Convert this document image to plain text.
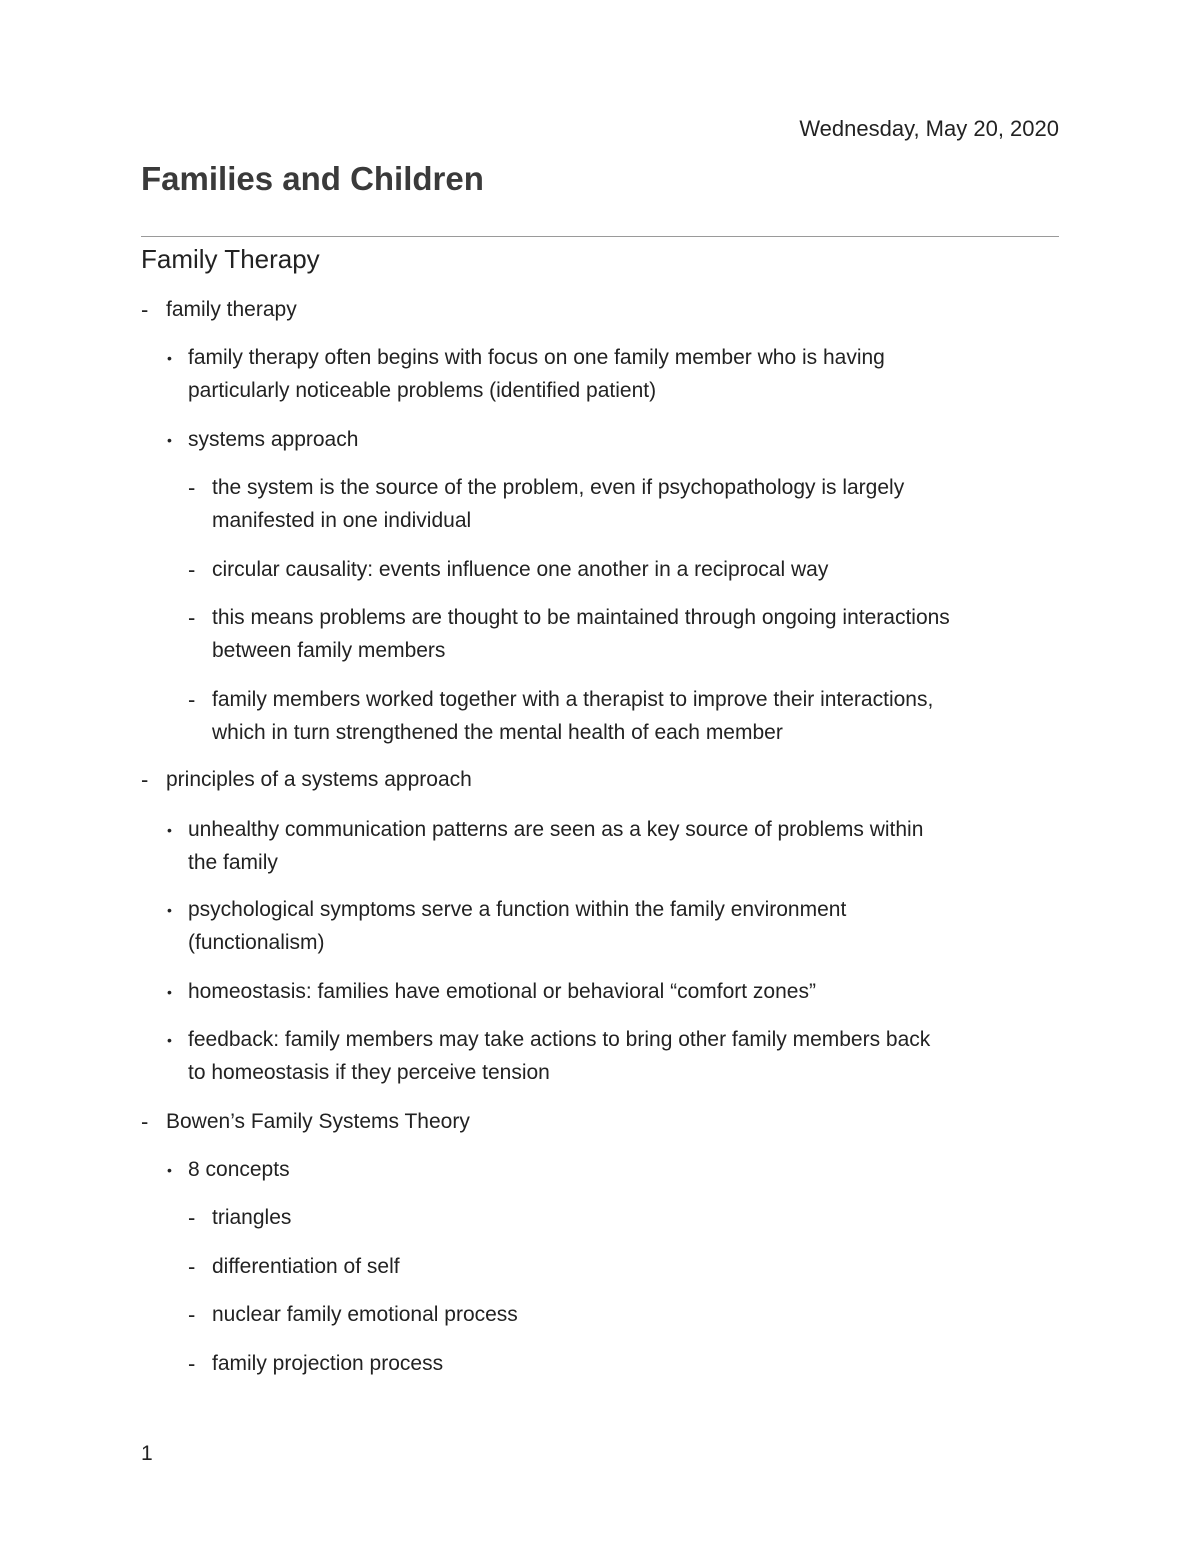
Wednesday, May 20, 2020
Families and Children
Family Therapy
- family therapy
• family therapy often begins with focus on one family member who is having
particularly noticeable problems (identified patient)
• systems approach
- the system is the source of the problem, even if psychopathology is largely
manifested in one individual
- circular causality: events influence one another in a reciprocal way
- this means problems are thought to be maintained through ongoing interactions
between family members
- family members worked together with a therapist to improve their interactions,
which in turn strengthened the mental health of each member
- principles of a systems approach
• unhealthy communication patterns are seen as a key source of problems within
the family
• psychological symptoms serve a function within the family environment
(functionalism)
• homeostasis: families have emotional or behavioral “comfort zones”
• feedback: family members may take actions to bring other family members back
to homeostasis if they perceive tension
- Bowen’s Family Systems Theory
• 8 concepts
- triangles
- differentiation of self
- nuclear family emotional process
- family projection process
1
